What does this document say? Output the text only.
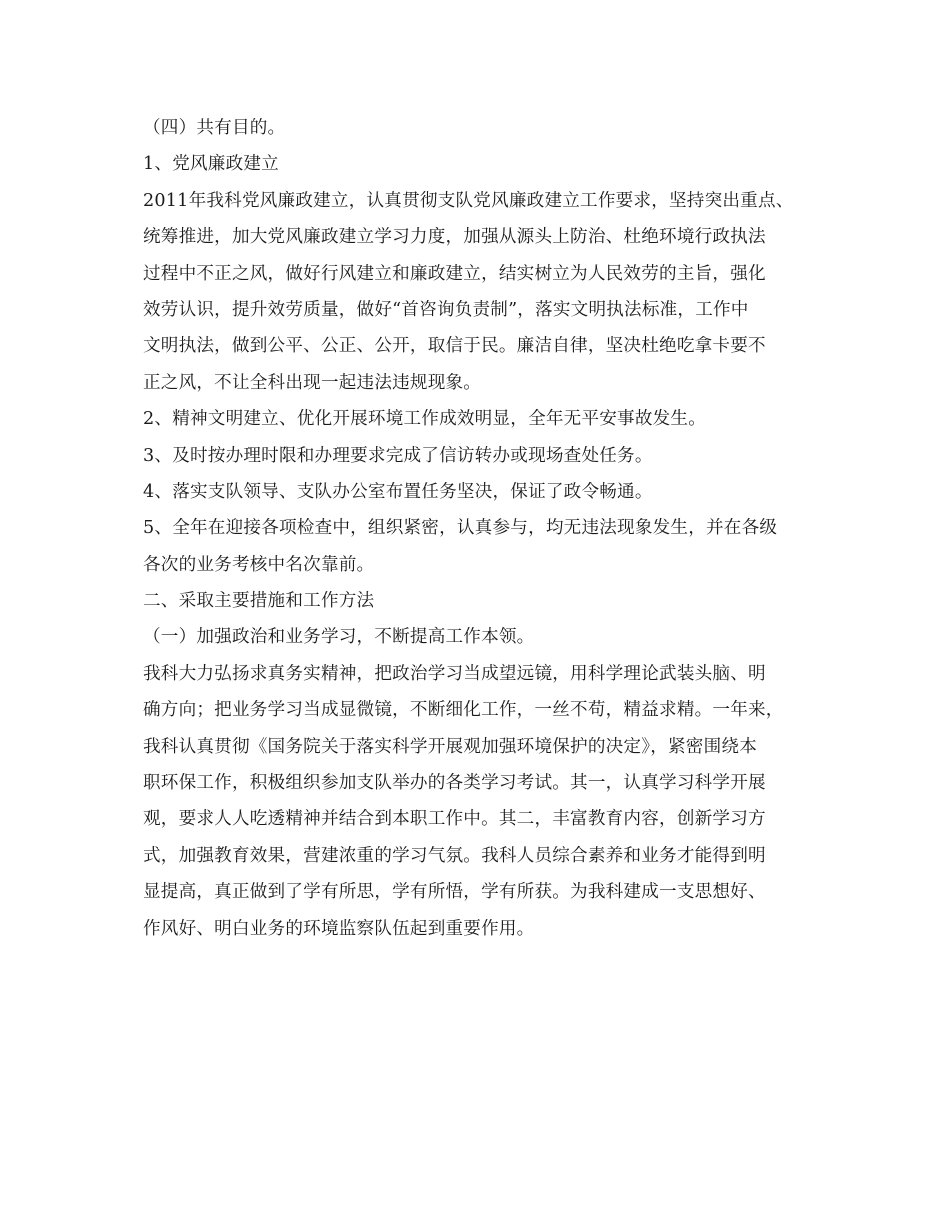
（四）共有目的。
1、党风廉政建立
2011年我科党风廉政建立，认真贯彻支队党风廉政建立工作要求，坚持突出重点、
统筹推进，加大党风廉政建立学习力度，加强从源头上防治、杜绝环境行政执法
过程中不正之风，做好行风建立和廉政建立，结实树立为人民效劳的主旨，强化
效劳认识，提升效劳质量，做好“首咨询负责制”，落实文明执法标准，工作中
文明执法，做到公平、公正、公开，取信于民。廉洁自律，坚决杜绝吃拿卡要不
正之风，不让全科出现一起违法违规现象。
2、精神文明建立、优化开展环境工作成效明显，全年无平安事故发生。
3、及时按办理时限和办理要求完成了信访转办或现场查处任务。
4、落实支队领导、支队办公室布置任务坚决，保证了政令畅通。
5、全年在迎接各项检查中，组织紧密，认真参与，均无违法现象发生，并在各级
各次的业务考核中名次靠前。
二、采取主要措施和工作方法
（一）加强政治和业务学习，不断提高工作本领。
我科大力弘扬求真务实精神，把政治学习当成望远镜，用科学理论武装头脑、明
确方向；把业务学习当成显微镜，不断细化工作，一丝不苟，精益求精。一年来，
我科认真贯彻《国务院关于落实科学开展观加强环境保护的决定》，紧密围绕本
职环保工作，积极组织参加支队举办的各类学习考试。其一，认真学习科学开展
观，要求人人吃透精神并结合到本职工作中。其二，丰富教育内容，创新学习方
式，加强教育效果，营建浓重的学习气氛。我科人员综合素养和业务才能得到明
显提高，真正做到了学有所思，学有所悟，学有所获。为我科建成一支思想好、
作风好、明白业务的环境监察队伍起到重要作用。
